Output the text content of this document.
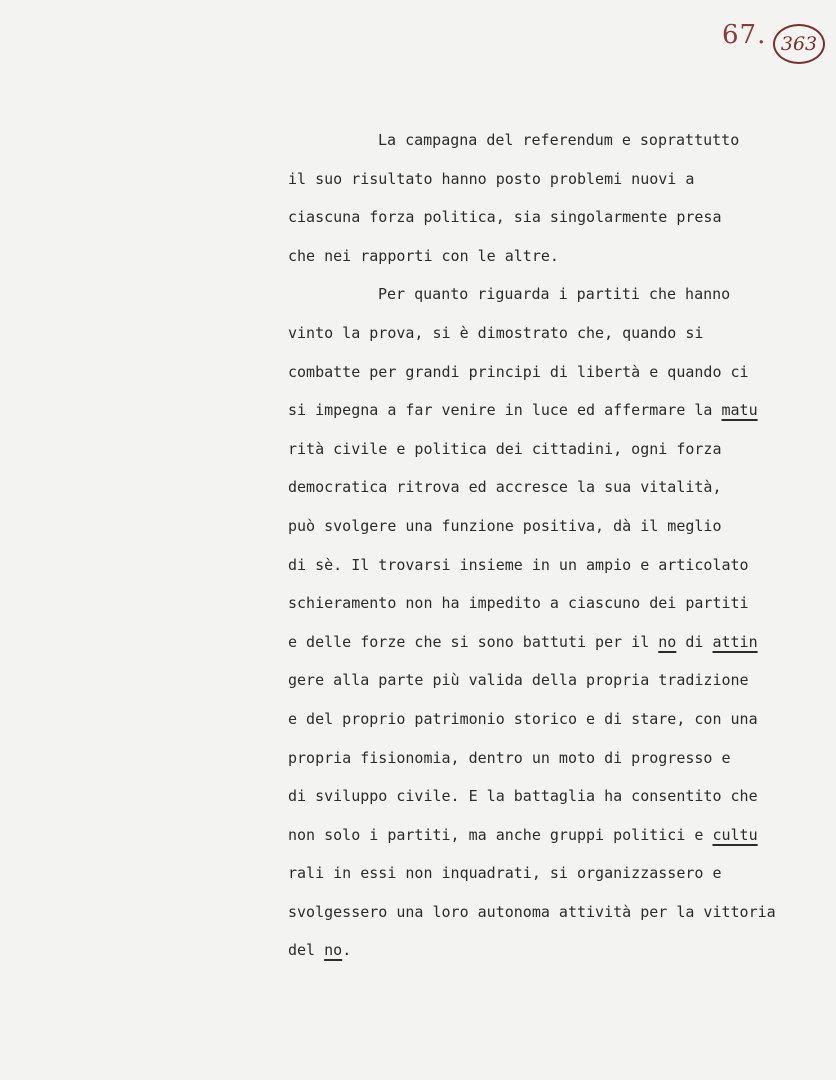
67. 363
La campagna del referendum e soprattutto
il suo risultato hanno posto problemi nuovi a
ciascuna forza politica, sia singolarmente presa
che nei rapporti con le altre.
Per quanto riguarda i partiti che hanno
vinto la prova, si è dimostrato che, quando si
combatte per grandi principi di libertà e quando ci
si impegna a far venire in luce ed affermare la matu
rità civile e politica dei cittadini, ogni forza
democratica ritrova ed accresce la sua vitalità,
può svolgere una funzione positiva, dà il meglio
di sè. Il trovarsi insieme in un ampio e articolato
schieramento non ha impedito a ciascuno dei partiti
e delle forze che si sono battuti per il no di attin
gere alla parte più valida della propria tradizione
e del proprio patrimonio storico e di stare, con una
propria fisionomia, dentro un moto di progresso e
di sviluppo civile. E la battaglia ha consentito che
non solo i partiti, ma anche gruppi politici e cultu
rali in essi non inquadrati, si organizzassero e
svolgessero una loro autonoma attività per la vittoria
del no.
